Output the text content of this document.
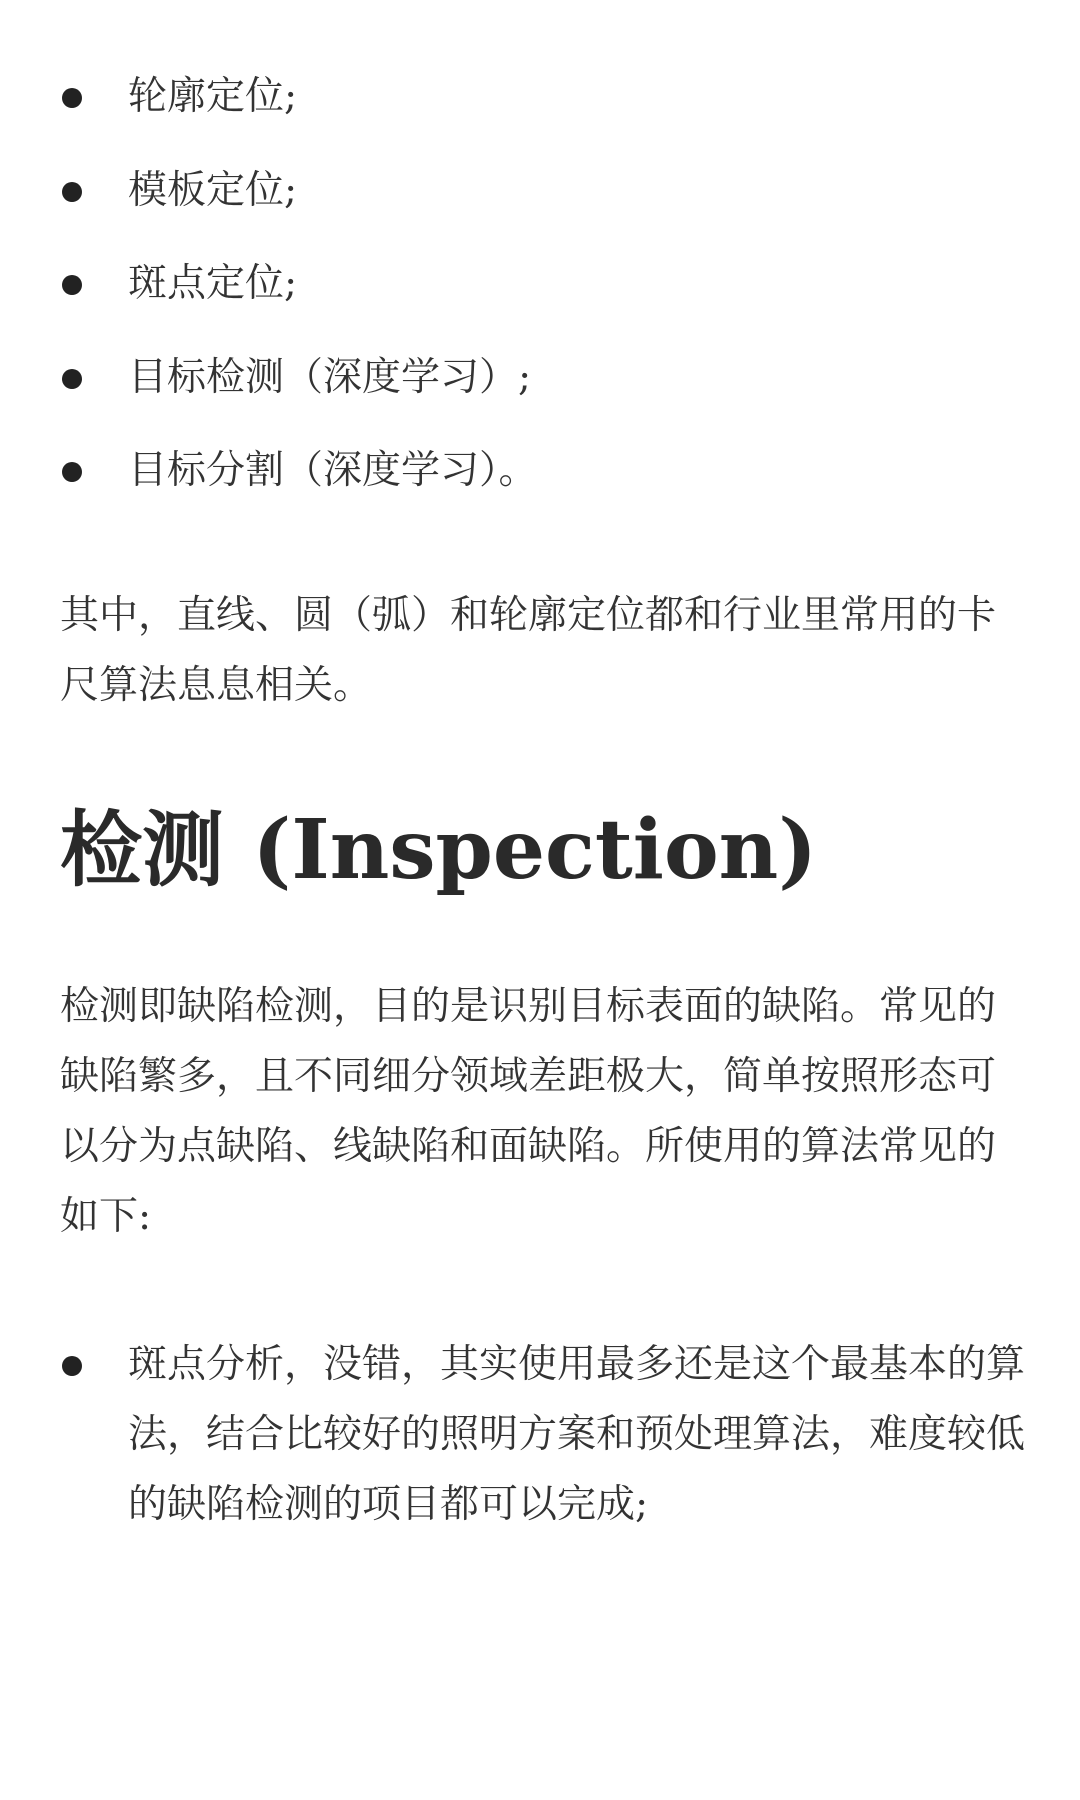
轮廓定位;
模板定位;
斑点定位;
目标检测（深度学习）;
目标分割（深度学习）。

其中，直线、圆（弧）和轮廓定位都和行业里常用的卡尺算法息息相关。

检测 (Inspection)

检测即缺陷检测，目的是识别目标表面的缺陷。常见的缺陷繁多，且不同细分领域差距极大，简单按照形态可以分为点缺陷、线缺陷和面缺陷。所使用的算法常见的如下:

斑点分析，没错，其实使用最多还是这个最基本的算法，结合比较好的照明方案和预处理算法，难度较低的缺陷检测的项目都可以完成;
